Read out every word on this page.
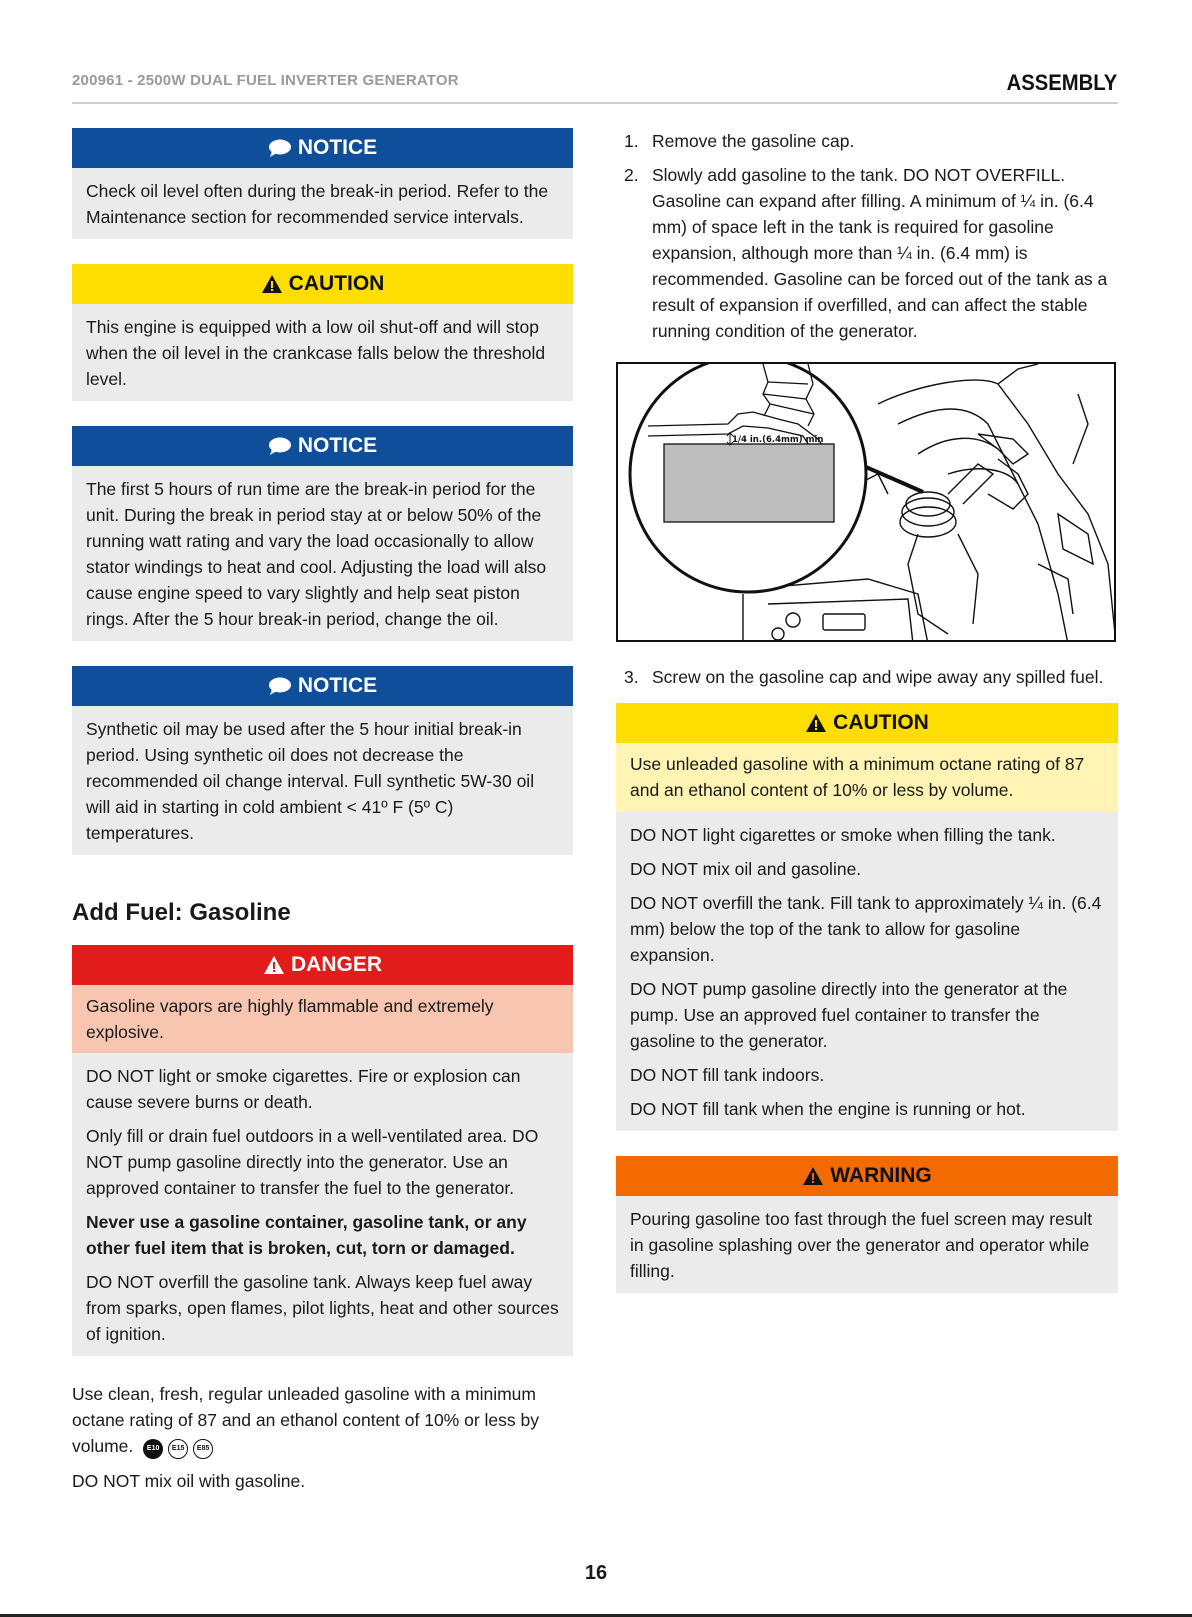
200961 - 2500W DUAL FUEL INVERTER GENERATOR	ASSEMBLY
NOTICE

Check oil level often during the break-in period. Refer to the Maintenance section for recommended service intervals.

CAUTION

This engine is equipped with a low oil shut-off and will stop when the oil level in the crankcase falls below the threshold level.

NOTICE

The first 5 hours of run time are the break-in period for the unit. During the break in period stay at or below 50% of the running watt rating and vary the load occasionally to allow stator windings to heat and cool. Adjusting the load will also cause engine speed to vary slightly and help seat piston rings. After the 5 hour break-in period, change the oil.

NOTICE

Synthetic oil may be used after the 5 hour initial break-in period. Using synthetic oil does not decrease the recommended oil change interval. Full synthetic 5W-30 oil will aid in starting in cold ambient < 41º F (5º C) temperatures.

Add Fuel: Gasoline
DANGER
Gasoline vapors are highly flammable and extremely explosive.

DO NOT light or smoke cigarettes. Fire or explosion can cause severe burns or death.

Only fill or drain fuel outdoors in a well-ventilated area. DO NOT pump gasoline directly into the generator. Use an approved container to transfer the fuel to the generator.

Never use a gasoline container, gasoline tank, or any other fuel item that is broken, cut, torn or damaged.

DO NOT overfill the gasoline tank. Always keep fuel away from sparks, open flames, pilot lights, heat and other sources of ignition.

Use clean, fresh, regular unleaded gasoline with a minimum octane rating of 87 and an ethanol content of 10% or less by volume. E10 E15 E85

DO NOT mix oil with gasoline.

1. Remove the gasoline cap.
2. Slowly add gasoline to the tank. DO NOT OVERFILL. Gasoline can expand after filling. A minimum of ¼ in. (6.4 mm) of space left in the tank is required for gasoline expansion, although more than ¼ in. (6.4 mm) is recommended. Gasoline can be forced out of the tank as a result of expansion if overfilled, and can affect the stable running condition of the generator.
1/4 in.(6.4mm) min
3. Screw on the gasoline cap and wipe away any spilled fuel.
CAUTION
Use unleaded gasoline with a minimum octane rating of 87 and an ethanol content of 10% or less by volume.

DO NOT light cigarettes or smoke when filling the tank.

DO NOT mix oil and gasoline.

DO NOT overfill the tank. Fill tank to approximately ¼ in. (6.4 mm) below the top of the tank to allow for gasoline expansion.

DO NOT pump gasoline directly into the generator at the pump. Use an approved fuel container to transfer the gasoline to the generator.

DO NOT fill tank indoors.

DO NOT fill tank when the engine is running or hot.

WARNING

Pouring gasoline too fast through the fuel screen may result in gasoline splashing over the generator and operator while filling.

16
